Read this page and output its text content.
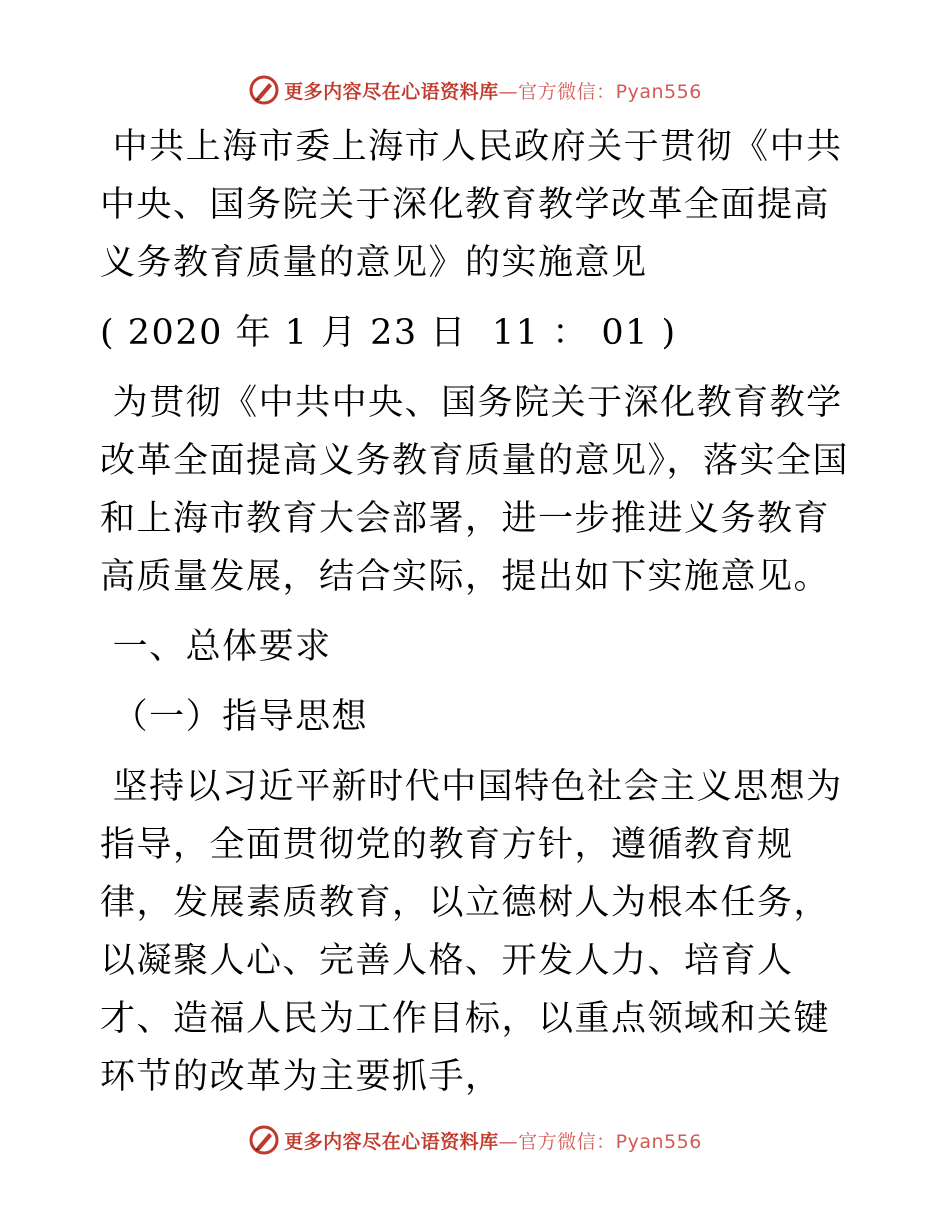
更多内容尽在心语资料库 —官方微信：Pyan556

中共上海市委上海市人民政府关于贯彻《中共中央、国务院关于深化教育教学改革全面提高义务教育质量的意见》的实施意见

( 2020 年 1 月 23 日  11 ： 01 )

为贯彻《中共中央、国务院关于深化教育教学改革全面提高义务教育质量的意见》，落实全国和上海市教育大会部署，进一步推进义务教育高质量发展，结合实际，提出如下实施意见。

一、总体要求

（一）指导思想

坚持以习近平新时代中国特色社会主义思想为指导，全面贯彻党的教育方针，遵循教育规律，发展素质教育，以立德树人为根本任务，以凝聚人心、完善人格、开发人力、培育人才、造福人民为工作目标，以重点领域和关键环节的改革为主要抓手，

更多内容尽在心语资料库 —官方微信：Pyan556
